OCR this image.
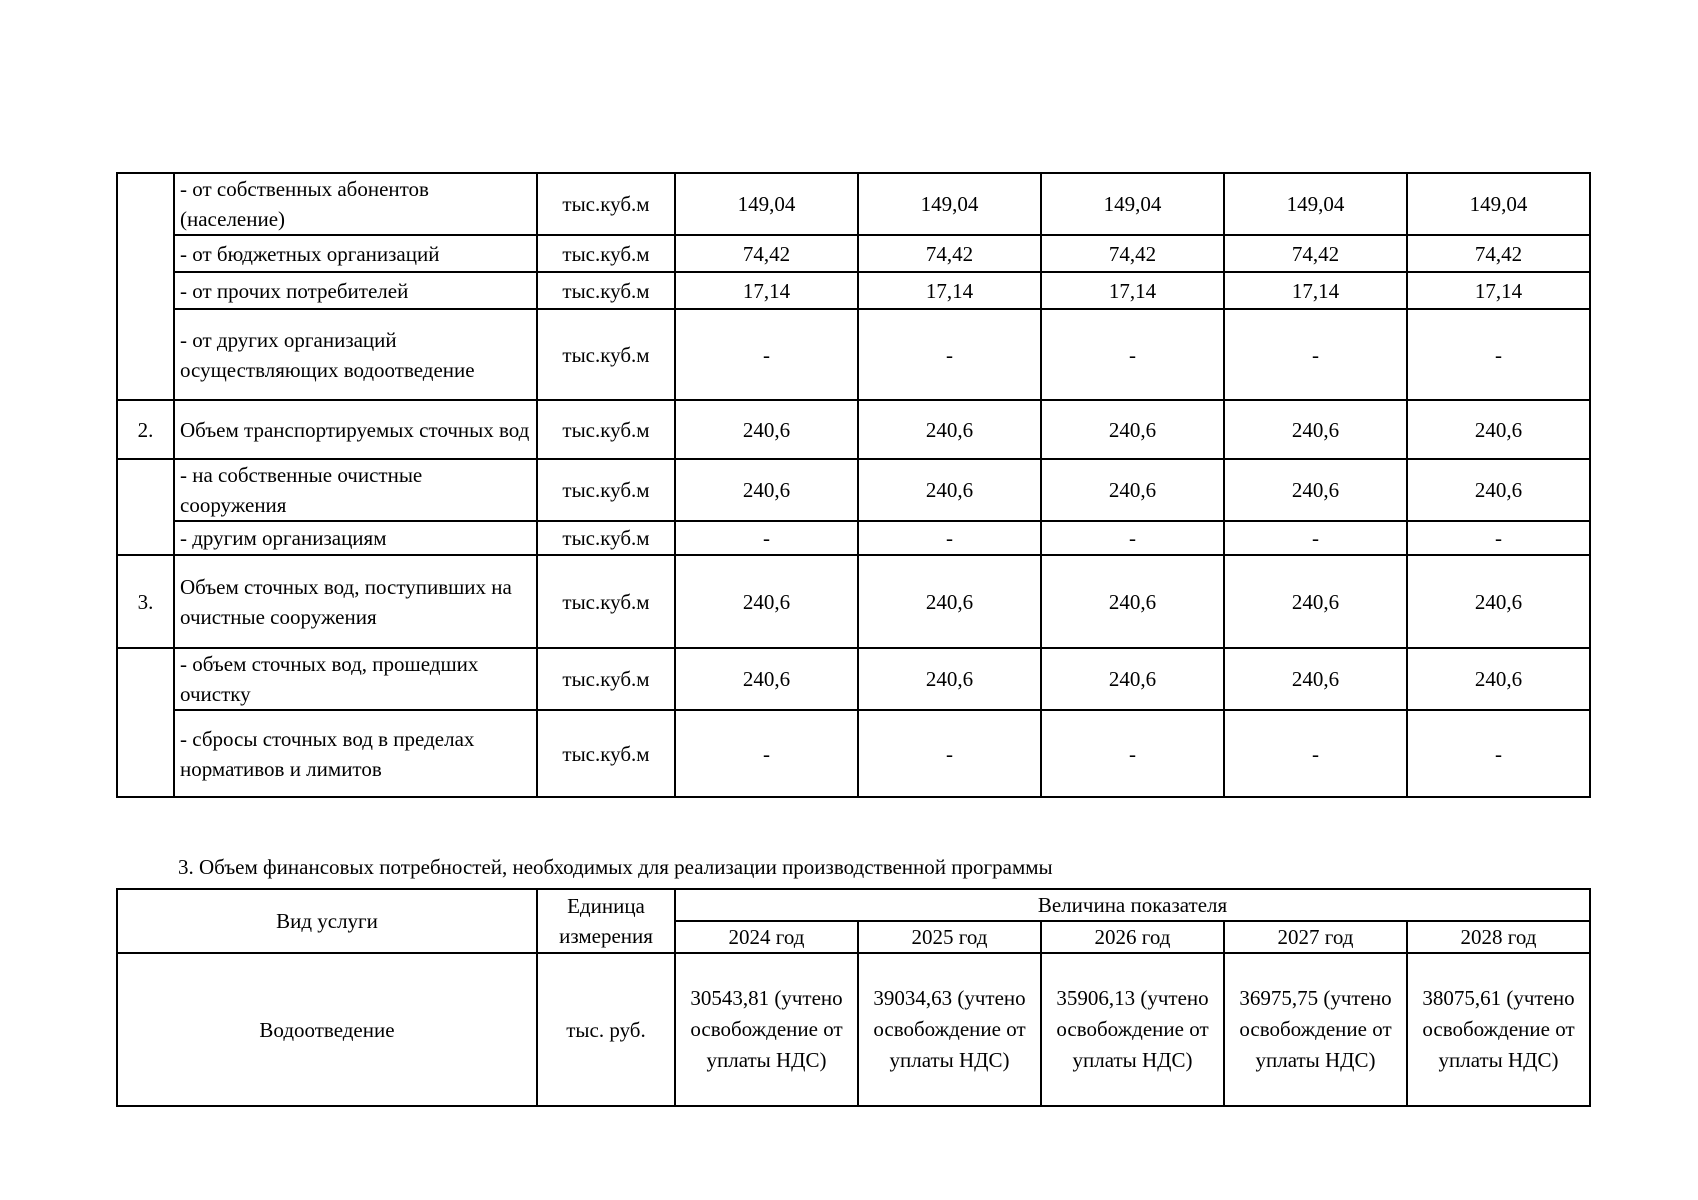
	- от собственных абонентов (население)	тыс.куб.м	149,04	149,04	149,04	149,04	149,04
	- от бюджетных организаций	тыс.куб.м	74,42	74,42	74,42	74,42	74,42
	- от прочих потребителей	тыс.куб.м	17,14	17,14	17,14	17,14	17,14
	- от других организаций осуществляющих водоотведение	тыс.куб.м	-	-	-	-	-
2.	Объем транспортируемых сточных вод	тыс.куб.м	240,6	240,6	240,6	240,6	240,6
	- на собственные очистные сооружения	тыс.куб.м	240,6	240,6	240,6	240,6	240,6
	- другим организациям	тыс.куб.м	-	-	-	-	-
3.	Объем сточных вод, поступивших на очистные сооружения	тыс.куб.м	240,6	240,6	240,6	240,6	240,6
	- объем сточных вод, прошедших очистку	тыс.куб.м	240,6	240,6	240,6	240,6	240,6
	- сбросы сточных вод в пределах нормативов и лимитов	тыс.куб.м	-	-	-	-	-
3. Объем финансовых потребностей, необходимых для реализации производственной программы
Вид услуги	Единица измерения	Величина показателя				
		2024 год	2025 год	2026 год	2027 год	2028 год
Водоотведение	тыс. руб.	30543,81 (учтено освобождение от уплаты НДС)	39034,63 (учтено освобождение от уплаты НДС)	35906,13 (учтено освобождение от уплаты НДС)	36975,75 (учтено освобождение от уплаты НДС)	38075,61 (учтено освобождение от уплаты НДС)
